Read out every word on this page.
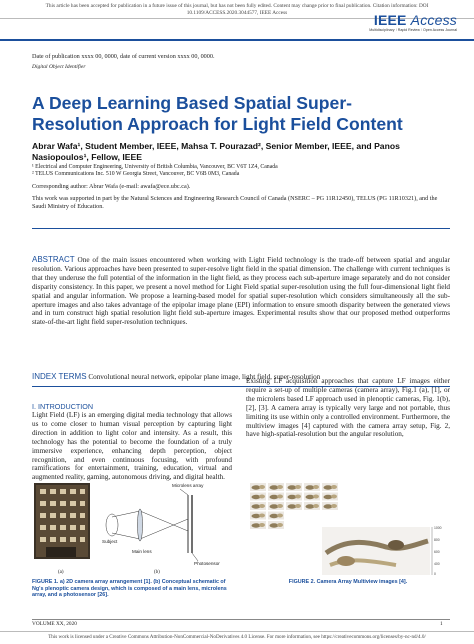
This article has been accepted for publication in a future issue of this journal, but has not been fully edited. Content may change prior to final publication. Citation information: DOI
10.1109/ACCESS.2020.3044577, IEEE Access	IEEE Access
Multidisciplinary ⁝ Rapid Review ⁝ Open Access Journal
Date of publication xxxx 00, 0000, date of current version xxxx 00, 0000.
Digital Object Identifier
A Deep Learning Based Spatial Super-
Resolution Approach for Light Field Content
Abrar Wafa¹, Student Member, IEEE, Mahsa T. Pourazad², Senior Member, IEEE, and Panos
Nasiopoulos¹, Fellow, IEEE
¹ Electrical and Computer Engineering, University of British Columbia, Vancouver, BC V6T 1Z4, Canada
² TELUS Communications Inc. 510 W Georgia Street, Vancouver, BC V6B 0M3, Canada
Corresponding author: Abrar Wafa (e-mail: awafa@ece.ubc.ca).
This work was supported in part by the Natural Sciences and Engineering Research Council of Canada (NSERC – PG 11R12450), TELUS (PG 11R10321), and the Saudi Ministry of Education.
ABSTRACT One of the main issues encountered when working with Light Field technology is the trade-off between spatial and angular resolution. Various approaches have been presented to super-resolve light field in the spatial dimension. The challenge with current techniques is that they underuse the full potential of the information in the light field, as they process each sub-aperture image separately and do not consider disparity consistency. In this paper, we present a novel method for Light Field spatial super-resolution using the full four-dimensional light field spatial and angular information. We propose a learning-based model for spatial super-resolution which considers simultaneously all the sub-aperture images and also takes advantage of the epipolar image plane (EPI) information to ensure smooth disparity between the generated views and in turn construct high spatial resolution light field sub-aperture images. Experimental results show that our proposed method outperforms state-of-the-art light field super-resolution techniques.
INDEX TERMS Convolutional neural network, epipolar plane image, light field, super-resolution
I. INTRODUCTION
Light Field (LF) is an emerging digital media technology that allows us to come closer to human visual perception by capturing light direction in addition to light color and intensity. As a result, this technology has the potential to become the foundation of a truly immersive experience, enhancing depth perception, object recognition, and even continuous focusing, with profound ramifications for entertainment, training, education, virtual and augmented reality, gaming, autonomous driving, and digital health.
Existing LF acquisition approaches that capture LF images either require a set-up of multiple cameras (camera array), Fig.1 (a), [1], or the microlens based LF approach used in plenoptic cameras, Fig. 1(b), [2], [3]. A camera array is typically very large and not portable, thus limiting its use within only a controlled environment. Furthermore, the multiview images [4] captured with the camera array setup, Fig. 2, have high-spatial-resolution but the angular resolution,
Subject
Main lens
Microlens array
Photosensor
(a)	(b)
FIGURE 1. a) 2D camera array arrangement [1]. (b) Conceptual schematic of Ng's plenoptic camera design, which is composed of a main lens, microlens array, and a photosensor [26].
1000
800
600
400
0
FIGURE 2. Camera Array Multiview images [4].
VOLUME XX, 2020	1
This work is licensed under a Creative Commons Attribution-NonCommercial-NoDerivatives 4.0 License. For more information, see https://creativecommons.org/licenses/by-nc-nd/4.0/
